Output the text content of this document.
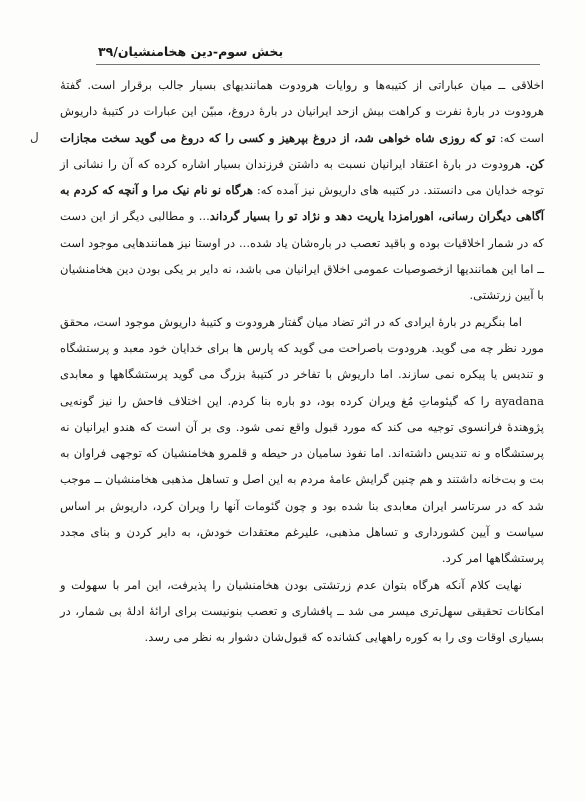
بخش سوم-دین هخامنشیان/۳۹
ل

اخلاقی ــ میان عباراتی از کتیبه‌ها و روایات هرودوت همانندیهای بسیار جالب برقرار است. گفتهٔ هرودوت در بارهٔ نفرت و کراهت بیش ازحد ایرانیان در بارهٔ دروغ، مبیّن این عبارات در کتیبهٔ داریوش است که: تو که روزی شاه خواهی شد، از دروغ بپرهیز و کسی را که دروغ می گوید سخت مجازات کن. هرودوت در بارهٔ اعتقاد ایرانیان نسبت به داشتن فرزندان بسیار اشاره کرده که آن را نشانی از توجه خدایان می دانستند. در کتیبه های داریوش نیز آمده که: هرگاه نو نام نیک مرا و آنچه که کردم به آگاهی دیگران رسانی، اهورامزدا یاریت دهد و نژاد تو را بسیار گرداند... و مطالبی دیگر از این دست که در شمار اخلاقیات بوده و باقید تعصب در باره‌شان یاد شده... در اوستا نیز همانندهایی موجود است ــ اما این همانندیها ازخصوصیات عمومی اخلاق ایرانیان می باشد، نه دایر بر یکی بودن دین هخامنشیان با آیین زرتشتی.

اما بنگریم در بارهٔ ایرادی که در اثر تضاد میان گفتار هرودوت و کتیبهٔ داریوش موجود است، محقق مورد نظر چه می گوید. هرودوت باصراحت می گوید که پارس ها برای خدایان خود معبد و پرستشگاه و تندیس یا پیکره نمی سازند. اما داریوش با تفاخر در کتیبهٔ بزرگ می گوید پرستشگاهها و معابدی ayadana را که گیئوماتِ مُغ ویران کرده بود، دو باره بنا کردم. این اختلاف فاحش را نیز گونه‌یی پژوهندهٔ فرانسوی توجیه می کند که مورد قبول واقع نمی شود. وی بر آن است که هندو ایرانیان نه پرستشگاه و نه تندیس داشته‌اند. اما نفوذ سامیان در حیطه و قلمرو هخامنشیان که توجهی فراوان به بت و بت‌خانه داشتند و هم چنین گرایش عامهٔ مردم به این اصل و تساهل مذهبی هخامنشیان ــ موجب شد که در سرتاسر ایران معابدی بنا شده بود و چون گئومات آنها را ویران کرد، داریوش بر اساس سیاست و آیین کشورداری و تساهل مذهبی، علیرغم معتقدات خودش، به دایر کردن و بنای مجدد پرستشگاهها امر کرد.

نهایت کلام آنکه هرگاه بتوان عدم زرتشتی بودن هخامنشیان را پذیرفت، این امر با سهولت و امکانات تحقیقی سهل‌تری میسر می شد ــ پافشاری و تعصب بنونیست برای ارائهٔ ادلهٔ بی شمار، در بسیاری اوقات وی را به کوره راههایی کشانده که قبول‌شان دشوار به نظر می رسد.
